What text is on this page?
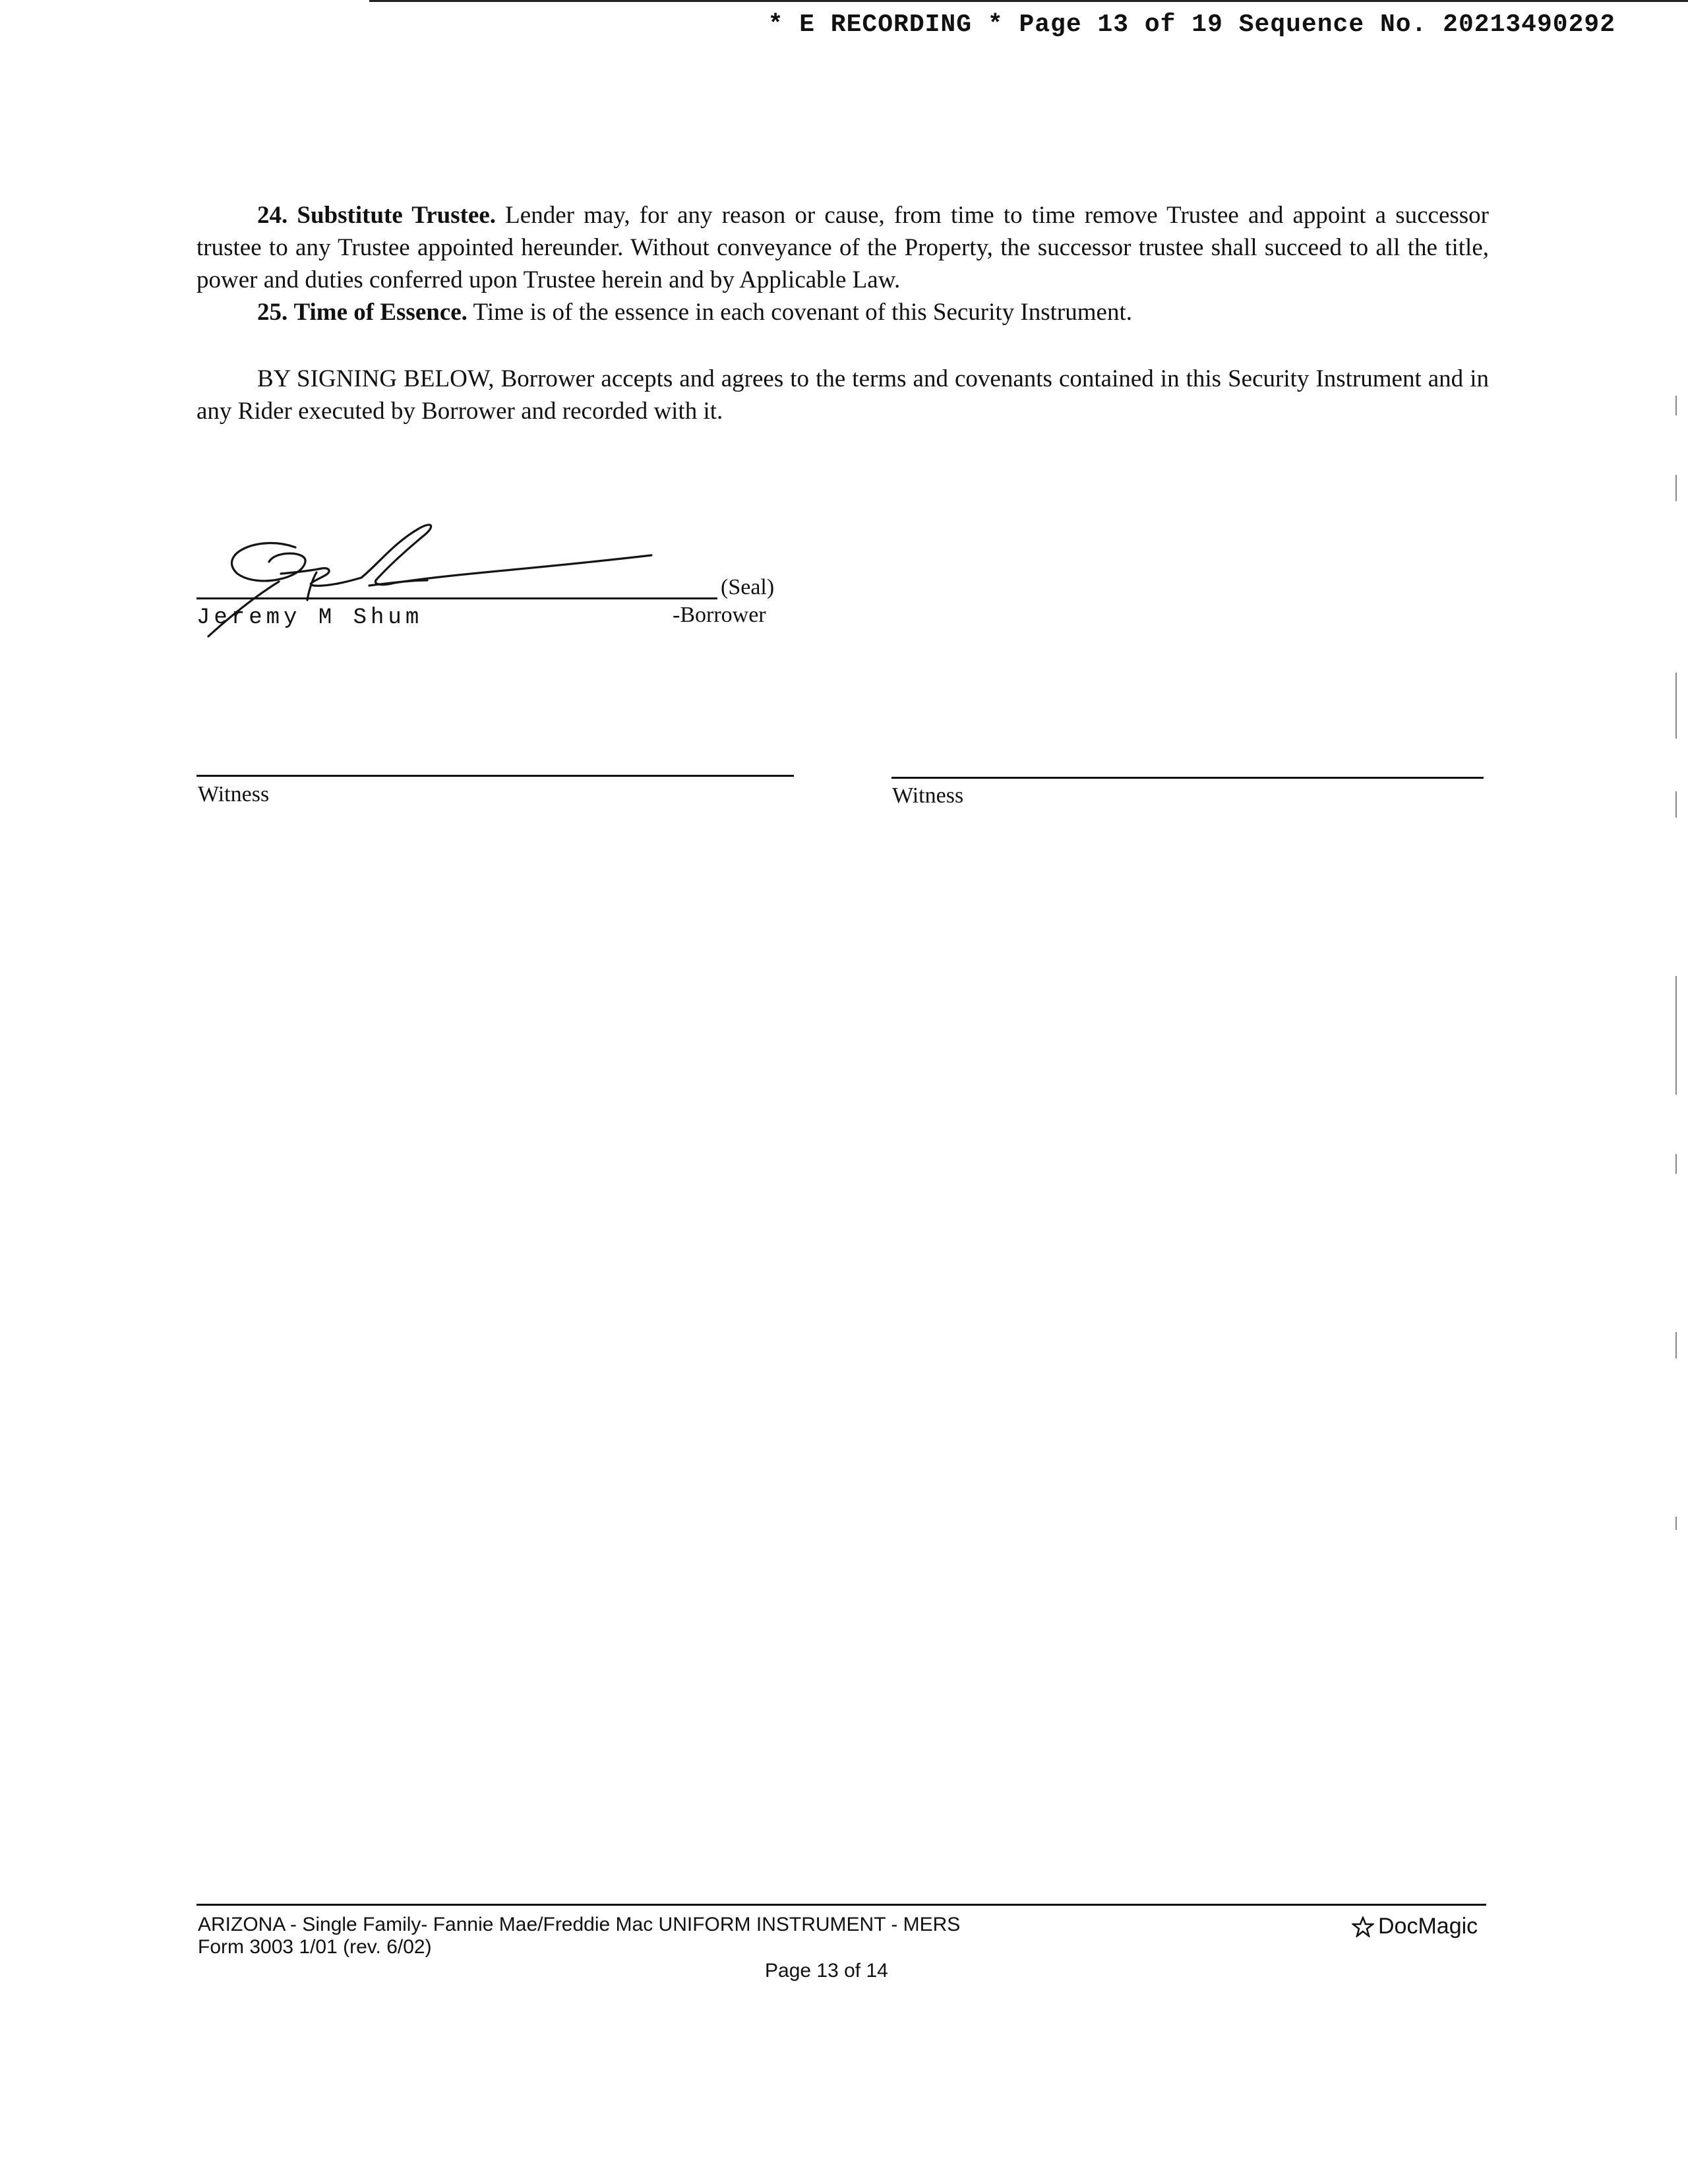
* E RECORDING * Page 13 of 19 Sequence No. 20213490292
24. Substitute Trustee. Lender may, for any reason or cause, from time to time remove Trustee and appoint a successor trustee to any Trustee appointed hereunder. Without conveyance of the Property, the successor trustee shall succeed to all the title, power and duties conferred upon Trustee herein and by Applicable Law.
25. Time of Essence. Time is of the essence in each covenant of this Security Instrument.
BY SIGNING BELOW, Borrower accepts and agrees to the terms and covenants contained in this Security Instrument and in any Rider executed by Borrower and recorded with it.
(Seal)
Jeremy M Shum	-Borrower
Witness	Witness
ARIZONA - Single Family- Fannie Mae/Freddie Mac UNIFORM INSTRUMENT - MERS
Form 3003 1/01 (rev. 6/02)
Page 13 of 14
DocMagic
